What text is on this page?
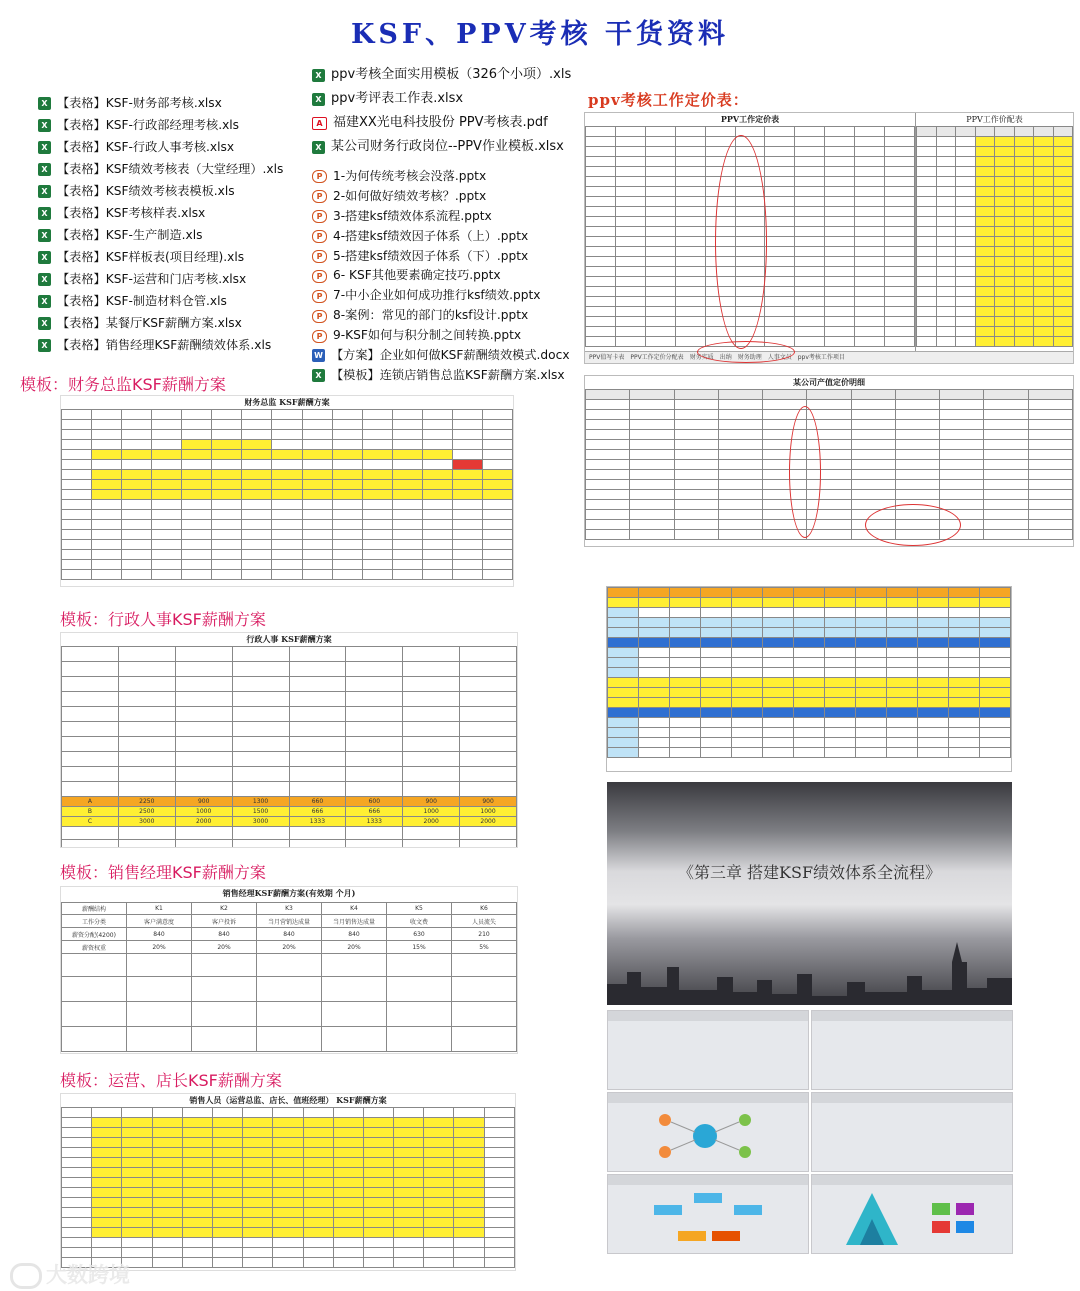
KSF、PPV考核 干货资料
X 【表格】KSF-财务部考核.xlsx
X 【表格】KSF-行政部经理考核.xls
X 【表格】KSF-行政人事考核.xlsx
X 【表格】KSF绩效考核表（大堂经理）.xls
X 【表格】KSF绩效考核表模板.xls
X 【表格】KSF考核样表.xlsx
X 【表格】KSF-生产制造.xls
X 【表格】KSF样板表(项目经理).xls
X 【表格】KSF-运营和门店考核.xlsx
X 【表格】KSF-制造材料仓管.xls
X 【表格】某餐厅KSF薪酬方案.xlsx
X 【表格】销售经理KSF薪酬绩效体系.xls
X ppv考核全面实用模板（326个小项）.xls
X ppv考评表工作表.xlsx
A 福建XX光电科技股份 PPV考核表.pdf
X 某公司财务行政岗位--PPV作业模板.xlsx
P 1-为何传统考核会没落.pptx
P 2-如何做好绩效考核？.pptx
P 3-搭建ksf绩效体系流程.pptx
P 4-搭建ksf绩效因子体系（上）.pptx
P 5-搭建ksf绩效因子体系（下）.pptx
P 6- KSF其他要素确定技巧.pptx
P 7-中小企业如何成功推行ksf绩效.pptx
P 8-案例：常见的部门的ksf设计.pptx
P 9-KSF如何与积分制之间转换.pptx
W 【方案】企业如何做KSF薪酬绩效模式.docx
X 【模板】连锁店销售总监KSF薪酬方案.xlsx
ppv考核工作定价表：
PPV工作定价表

											PPV工作价配表

PPV值写卡表 PPV工作定价分配表 财务实质 出纳 财务助理 人事文员 ppv考核工作项目
某公司产值定价明细

《第三章 搭建KSF绩效体系全流程》
模板：财务总监KSF薪酬方案
财务总监 KSF薪酬方案

模板：行政人事KSF薪酬方案
行政人事 KSF薪酬方案

A	2250	900	1300	660	600	900	900
B	2500	1000	1500	666	666	1000	1000
C	3000	2000	3000	1333	1333	2000	2000

模板：销售经理KSF薪酬方案
销售经理KSF薪酬方案(有效期 个月)
薪酬结构	K1	K2	K3	K4	K5	K6
工作分类	客户满意度	客户投诉	当月营销达成量	当月销售达成量	收文费	人员流失
薪资分配(4200)	840	840	840	840	630	210
薪资权重	20%	20%	20%	20%	15%	5%

模板：运营、店长KSF薪酬方案
销售人员（运营总监、店长、值班经理） KSF薪酬方案

大数跨境
